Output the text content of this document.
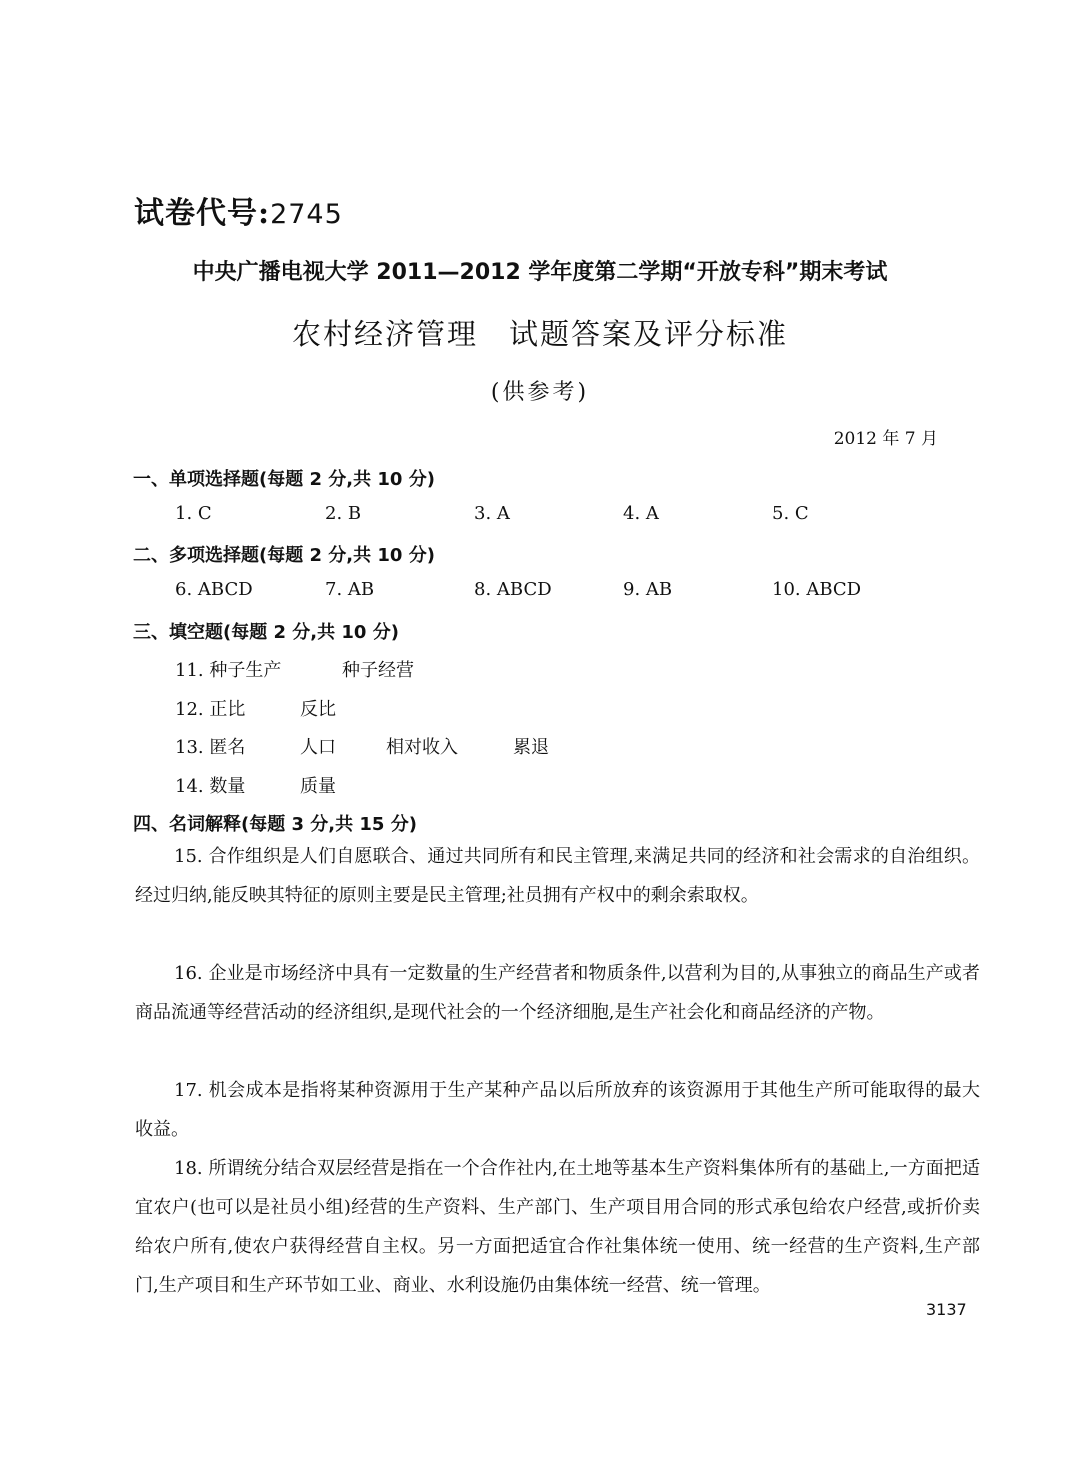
试卷代号:2745
中央广播电视大学 2011—2012 学年度第二学期“开放专科”期末考试
农村经济管理　试题答案及评分标准
(供参考)
2012 年 7 月
一、单项选择题(每题 2 分,共 10 分)
1. C	2. B	3. A	4. A	5. C
二、多项选择题(每题 2 分,共 10 分)
6. ABCD	7. AB	8. ABCD	9. AB	10. ABCD
三、填空题(每题 2 分,共 10 分)
11. 种子生产	种子经营
12. 正比	反比
13. 匿名	人口	相对收入	累退
14. 数量	质量
四、名词解释(每题 3 分,共 15 分)

15. 合作组织是人们自愿联合、通过共同所有和民主管理,来满足共同的经济和社会需求的自治组织。经过归纳,能反映其特征的原则主要是民主管理;社员拥有产权中的剩余索取权。

16. 企业是市场经济中具有一定数量的生产经营者和物质条件,以营利为目的,从事独立的商品生产或者商品流通等经营活动的经济组织,是现代社会的一个经济细胞,是生产社会化和商品经济的产物。

17. 机会成本是指将某种资源用于生产某种产品以后所放弃的该资源用于其他生产所可能取得的最大收益。

18. 所谓统分结合双层经营是指在一个合作社内,在土地等基本生产资料集体所有的基础上,一方面把适宜农户(也可以是社员小组)经营的生产资料、生产部门、生产项目用合同的形式承包给农户经营,或折价卖给农户所有,使农户获得经营自主权。另一方面把适宜合作社集体统一使用、统一经营的生产资料,生产部门,生产项目和生产环节如工业、商业、水利设施仍由集体统一经营、统一管理。

3137
